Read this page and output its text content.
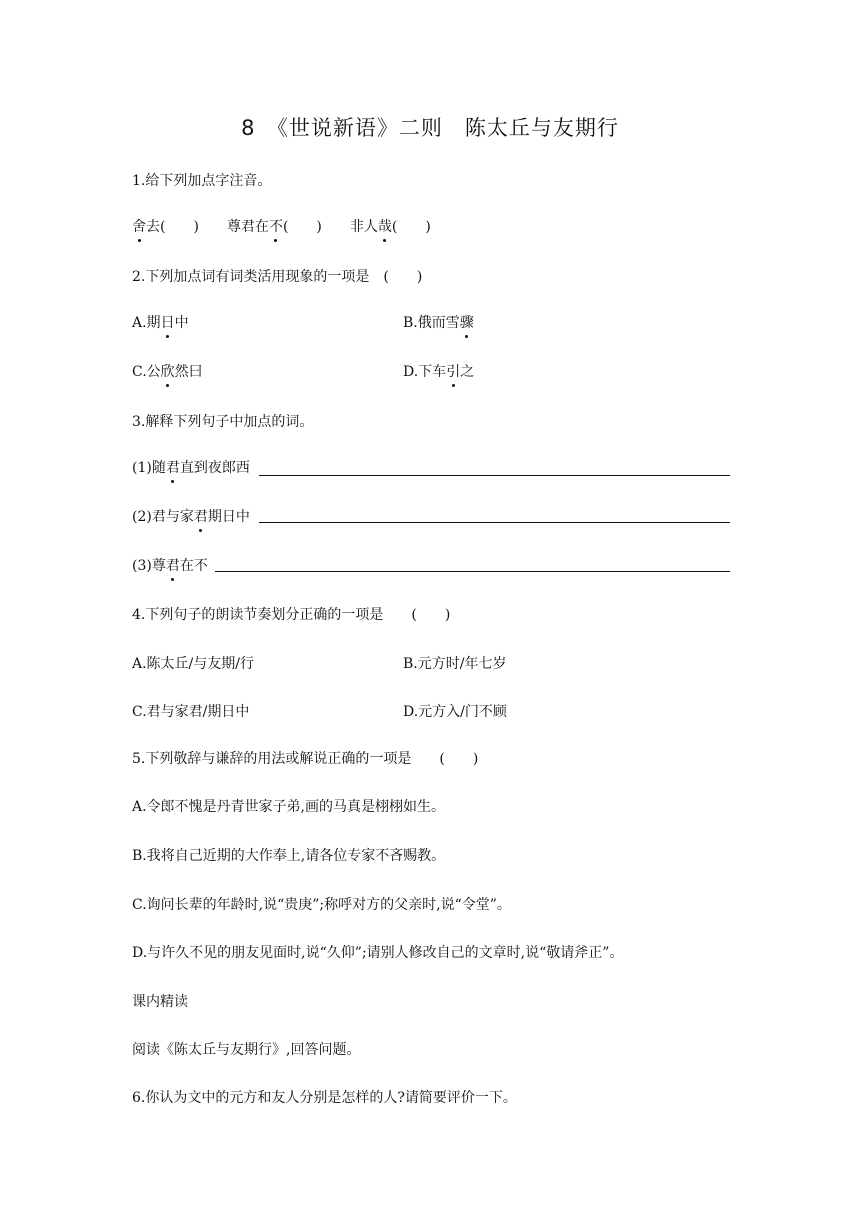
8　《世说新语》二则　陈太丘与友期行
1.给下列加点字注音。
舍去(　　)　　 尊君在不(　　)　　 非人哉(　　)
2.下列加点词有词类活用现象的一项是　(　　)
A.期日中	B.俄而雪骤
C.公欣然曰	D.下车引之
3.解释下列句子中加点的词。
(1)随君直到夜郎西
(2)君与家君期日中
(3)尊君在不
4.下列句子的朗读节奏划分正确的一项是　　(　　)
A.陈太丘/与友期/行	B.元方时/年七岁
C.君与家君/期日中	D.元方入/门不顾
5.下列敬辞与谦辞的用法或解说正确的一项是　　(　　)
A.令郎不愧是丹青世家子弟,画的马真是栩栩如生。
B.我将自己近期的大作奉上,请各位专家不吝赐教。
C.询问长辈的年龄时,说“贵庚”;称呼对方的父亲时,说“令堂”。
D.与许久不见的朋友见面时,说“久仰”;请别人修改自己的文章时,说“敬请斧正”。
课内精读
阅读《陈太丘与友期行》,回答问题。
6.你认为文中的元方和友人分别是怎样的人?请简要评价一下。
